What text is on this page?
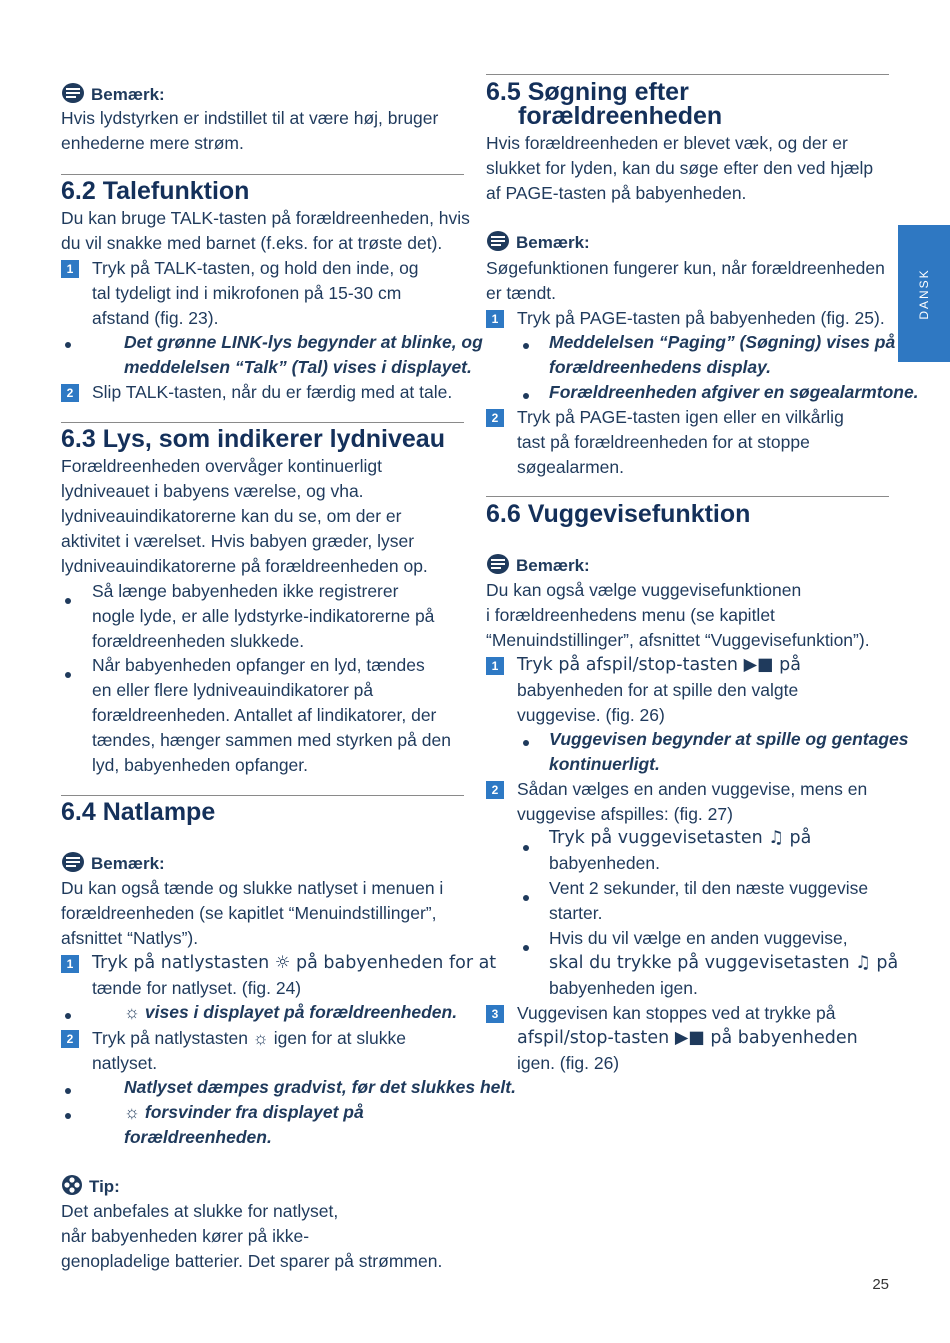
Bemærk:

Hvis lydstyrken er indstillet til at være høj, bruger

enhederne mere strøm.

6.2 Talefunktion

Du kan bruge TALK-tasten på forældreenheden, hvis

du vil snakke med barnet (f.eks. for at trøste det).

1	Tryk på TALK-tasten, og hold den inde, og

tal tydeligt ind i mikrofonen på 15-30 cm

afstand (fig. 23).

Det grønne LINK-lys begynder at blinke, og

meddelelsen “Talk” (Tal) vises i displayet.

2	Slip TALK-tasten, når du er færdig med at tale.

6.3 Lys, som indikerer lydniveau

Forældreenheden overvåger kontinuerligt

lydniveauet i babyens værelse, og vha.

lydniveauindikatorerne kan du se, om der er

aktivitet i værelset. Hvis babyen græder, lyser

lydniveauindikatorerne på forældreenheden op.

Så længe babyenheden ikke registrerer

nogle lyde, er alle lydstyrke-indikatorerne på

forældreenheden slukkede.

Når babyenheden opfanger en lyd, tændes

en eller flere lydniveauindikatorer på

forældreenheden. Antallet af lindikatorer, der

tændes, hænger sammen med styrken på den

lyd, babyenheden opfanger.

6.4 Natlampe
Bemærk:

Du kan også tænde og slukke natlyset i menuen i

forældreenheden (se kapitlet “Menuindstillinger”,

afsnittet “Natlys”).

1	Tryk på natlystasten ☼ på babyenheden for at

tænde for natlyset. (fig. 24)

☼ vises i displayet på forældreenheden.

2	Tryk på natlystasten ☼ igen for at slukke

natlyset.

Natlyset dæmpes gradvist, før det slukkes helt.

☼ forsvinder fra displayet på

forældreenheden.

Tip:

Det anbefales at slukke for natlyset,

når babyenheden kører på ikke-

genopladelige batterier. Det sparer på strømmen.

6.5 Søgning efter
forældreenheden

Hvis forældreenheden er blevet væk, og der er

slukket for lyden, kan du søge efter den ved hjælp

af PAGE-tasten på babyenheden.

Bemærk:

Søgefunktionen fungerer kun, når forældreenheden

er tændt.

1	Tryk på PAGE-tasten på babyenheden (fig. 25).

Meddelelsen “Paging” (Søgning) vises på

forældreenhedens display.

Forældreenheden afgiver en søgealarmtone.

2	Tryk på PAGE-tasten igen eller en vilkårlig

tast på forældreenheden for at stoppe

søgealarmen.

6.6 Vuggevisefunktion
Bemærk:

Du kan også vælge vuggevisefunktionen

i forældreenhedens menu (se kapitlet

“Menuindstillinger”, afsnittet “Vuggevisefunktion”).

1	Tryk på afspil/stop-tasten ▶■ på

babyenheden for at spille den valgte

vuggevise. (fig. 26)

Vuggevisen begynder at spille og gentages

kontinuerligt.

2	Sådan vælges en anden vuggevise, mens en

vuggevise afspilles: (fig. 27)

Tryk på vuggevisetasten ♫ på

babyenheden.

Vent 2 sekunder, til den næste vuggevise

starter.

Hvis du vil vælge en anden vuggevise,

skal du trykke på vuggevisetasten ♫ på

babyenheden igen.

3	Vuggevisen kan stoppes ved at trykke på

afspil/stop-tasten ▶■ på babyenheden

igen. (fig. 26)

DANSK
25
